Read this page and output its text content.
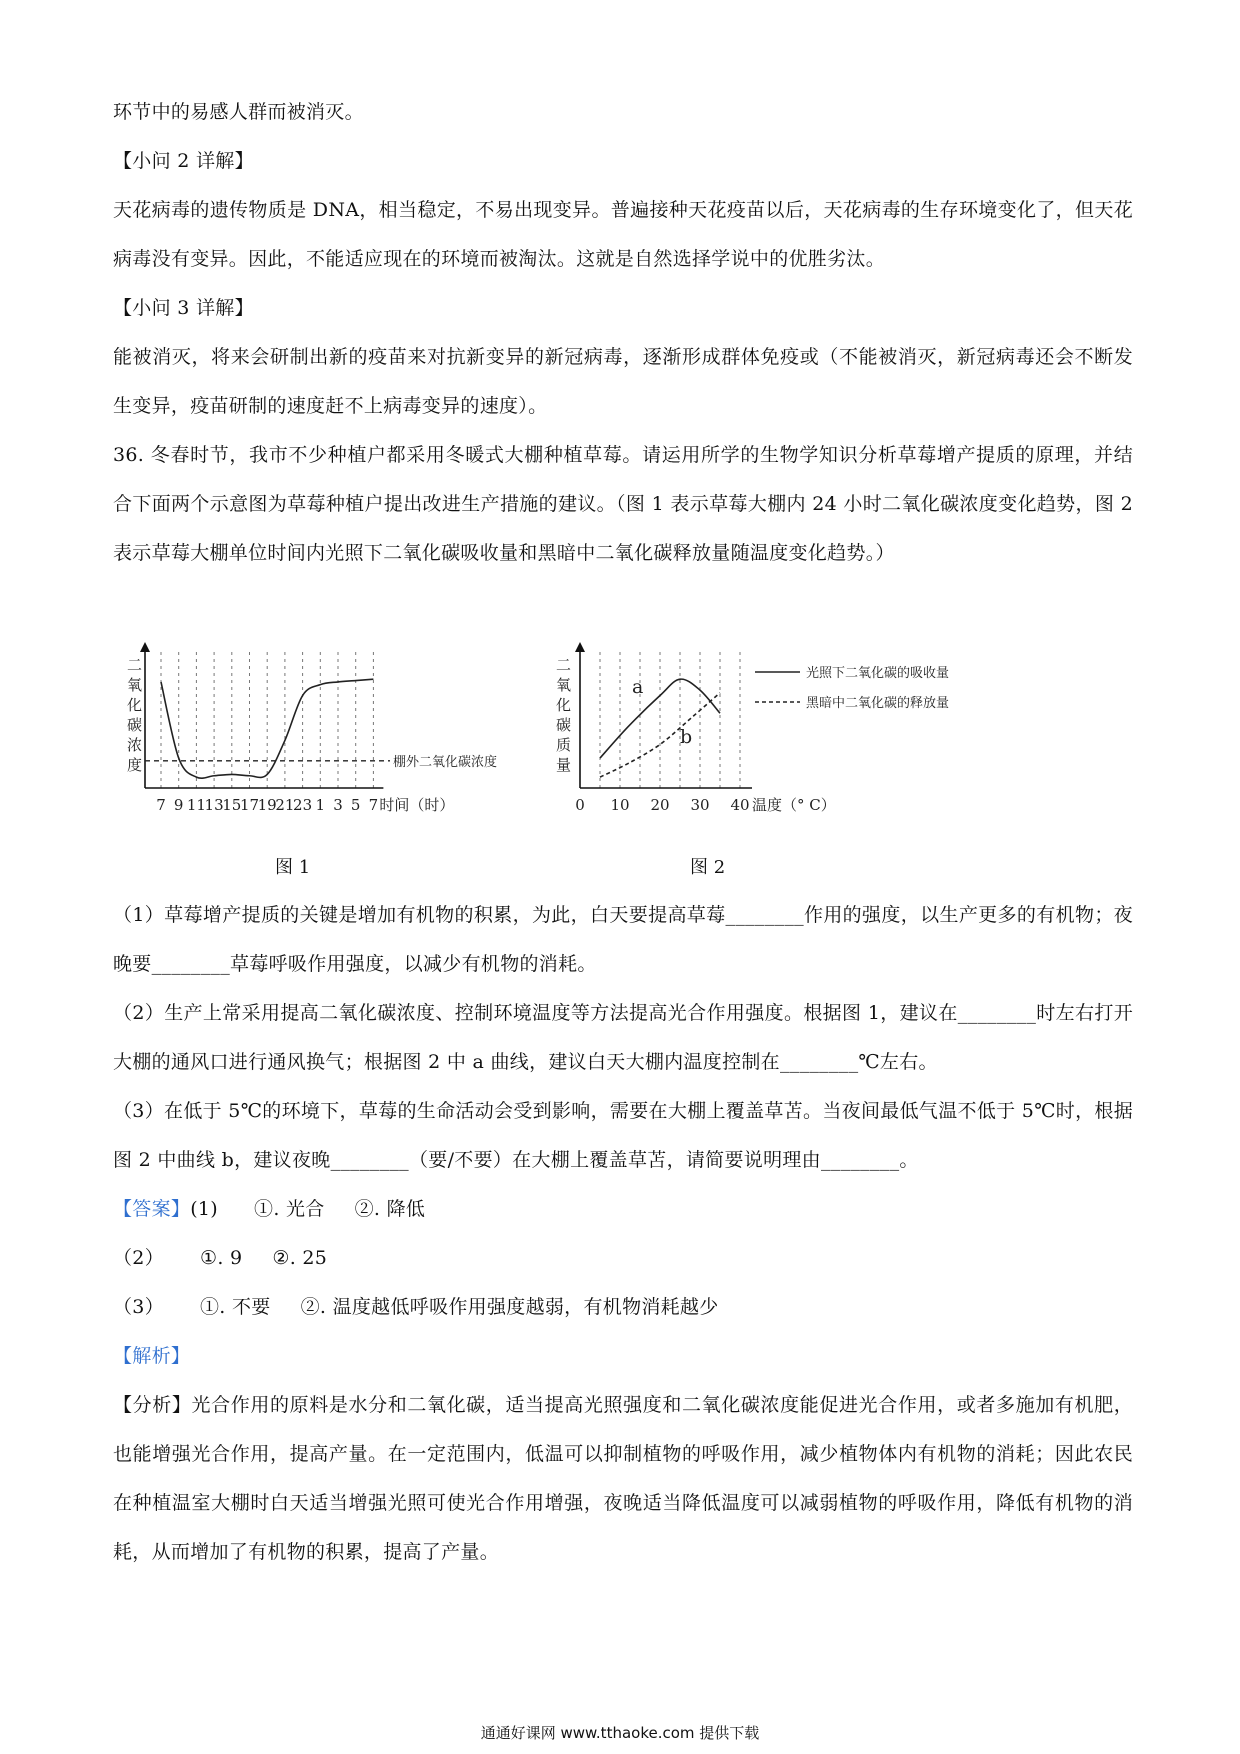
环节中的易感人群而被消灭。

【小问 2 详解】

天花病毒的遗传物质是 DNA，相当稳定，不易出现变异。普遍接种天花疫苗以后，天花病毒的生存环境变化了，但天花病毒没有变异。因此，不能适应现在的环境而被淘汰。这就是自然选择学说中的优胜劣汰。

【小问 3 详解】

能被消灭，将来会研制出新的疫苗来对抗新变异的新冠病毒，逐渐形成群体免疫或（不能被消灭，新冠病毒还会不断发生变异，疫苗研制的速度赶不上病毒变异的速度）。

36. 冬春时节，我市不少种植户都采用冬暖式大棚种植草莓。请运用所学的生物学知识分析草莓增产提质的原理，并结合下面两个示意图为草莓种植户提出改进生产措施的建议。（图 1 表示草莓大棚内 24 小时二氧化碳浓度变化趋势，图 2 表示草莓大棚单位时间内光照下二氧化碳吸收量和黑暗中二氧化碳释放量随温度变化趋势。）

二
氧
化
碳
浓
度
7 9 11
13
15
17
19
21
23 1 3 5 7
棚外二氧化碳浓度
时间（时）
图 1
二
氧
化
碳
质
量
0 10 20 30 40
a
b
光照下二氧化碳的吸收量
黑暗中二氧化碳的释放量
温度（° C）
图 2

（1）草莓增产提质的关键是增加有机物的积累，为此，白天要提高草莓________作用的强度，以生产更多的有机物；夜晚要________草莓呼吸作用强度，以减少有机物的消耗。

（2）生产上常采用提高二氧化碳浓度、控制环境温度等方法提高光合作用强度。根据图 1，建议在________时左右打开大棚的通风口进行通风换气；根据图 2 中 a 曲线，建议白天大棚内温度控制在________℃左右。

（3）在低于 5℃的环境下，草莓的生命活动会受到影响，需要在大棚上覆盖草苫。当夜间最低气温不低于 5℃时，根据图 2 中曲线 b，建议夜晚________（要/不要）在大棚上覆盖草苫，请简要说明理由________。

【答案】(1) ①. 光合 ②. 降低

（2） ①. 9 ②. 25

（3） ①. 不要 ②. 温度越低呼吸作用强度越弱，有机物消耗越少

【解析】

【分析】光合作用的原料是水分和二氧化碳，适当提高光照强度和二氧化碳浓度能促进光合作用，或者多施加有机肥，也能增强光合作用，提高产量。在一定范围内，低温可以抑制植物的呼吸作用，减少植物体内有机物的消耗；因此农民在种植温室大棚时白天适当增强光照可使光合作用增强，夜晚适当降低温度可以减弱植物的呼吸作用，降低有机物的消耗，从而增加了有机物的积累，提高了产量。

通通好课网 www.tthaoke.com 提供下载
